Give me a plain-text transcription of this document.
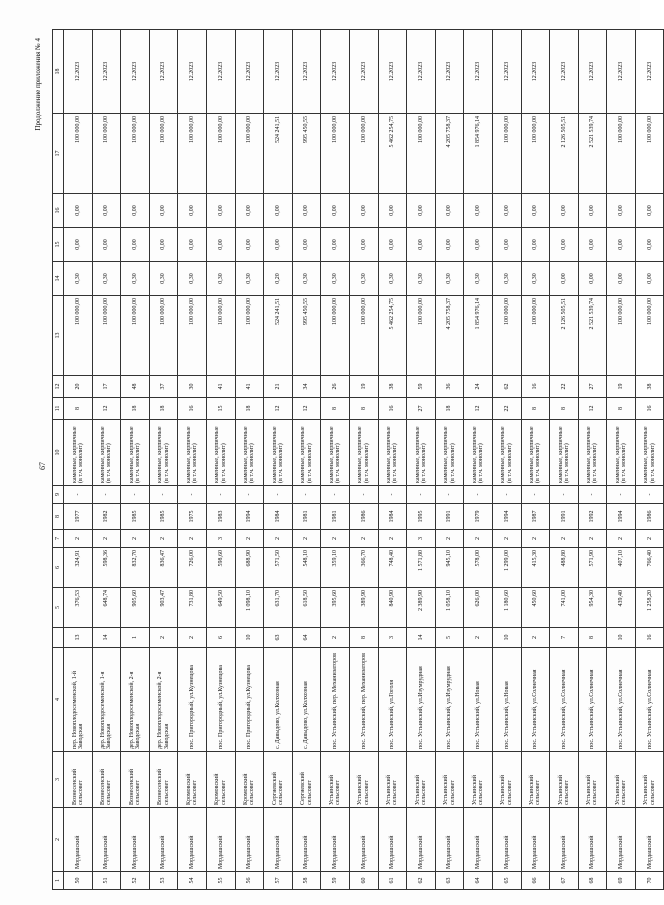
67
Продолжение приложения № 4
1	2	3	4		5	6	7	8	9	10	11	12	13	14	15	16	17	18
50	Мордашский	Вознесенский сельсовет	пер. Новоплодосеменской, 1-й Заводская	13	376,53	324,91	2	1977	-	каменные, кирпичные (в т.ч. монолит)	8	20	100 000,00	0,30	0,00	0,00	100 000,00	12.2023
51	Мордашский	Вознесенский сельсовет	дер. Новоплодосеменской, 1-я Заводская	14	648,74	598,36	2	1982	-	каменные, кирпичные (в т.ч. монолит)	12	17	100 000,00	0,30	0,00	0,00	100 000,00	12.2023
52	Мордашский	Вознесенский сельсовет	дер. Новоплодосеменской, 2-я Заводская	1	905,60	832,70	2	1985	-	каменные, кирпичные (в т.ч. монолит)	18	48	100 000,00	0,30	0,00	0,00	100 000,00	12.2023
53	Мордашский	Вознесенский сельсовет	дер. Новоплодосеменской, 2-я Заводская	2	903,47	836,47	2	1985	-	каменные, кирпичные (в т.ч. монолит)	18	37	100 000,00	0,30	0,00	0,00	100 000,00	12.2023
54	Мордашский	Кромовский сельсовет	пос. Пригородный, ул.Кузнецова	2	731,80	726,00	2	1975	-	каменные, кирпичные (в т.ч. монолит)	16	30	100 000,00	0,30	0,00	0,00	100 000,00	12.2023
55	Мордашский	Кромовский сельсовет	пос. Пригородный, ул.Кузнецова	6	649,50	598,60	3	1983	-	каменные, кирпичные (в т.ч. монолит)	15	41	100 000,00	0,30	0,00	0,00	100 000,00	12.2023
56	Мордашский	Кромовский сельсовет	пос. Пригородный, ул.Кузнецова	10	1 098,10	688,90	2	1994	-	каменные, кирпичные (в т.ч. монолит)	18	41	100 000,00	0,30	0,00	0,00	100 000,00	12.2023
57	Мордашский	Сергиевский сельсовет	с. Давыдово, ул.Колхозная	63	631,70	571,50	2	1984	-	каменные, кирпичные (в т.ч. монолит)	12	21	524 241,51	0,20	0,00	0,00	524 241,51	12.2023
58	Мордашский	Сергиевский сельсовет	с. Давыдово, ул.Колхозная	64	618,50	548,10	2	1981	-	каменные, кирпичные (в т.ч. монолит)	12	34	995 450,55	0,30	0,00	0,00	995 450,55	12.2023
59	Мордашский	Устьинский сельсовет	пос. Устьинский, пер. Механизаторов	2	395,60	359,10	2	1981	-	каменные, кирпичные (в т.ч. монолит)	8	26	100 000,00	0,30	0,00	0,00	100 000,00	12.2023
60	Мордашский	Устьинский сельсовет	пос. Устьинский, пер. Механизаторов	8	389,90	366,70	2	1986	-	каменные, кирпичные (в т.ч. монолит)	8	19	100 000,00	0,30	0,00	0,00	100 000,00	12.2023
61	Мордашский	Устьинский сельсовет	пос. Устьинский, ул.Гоголя	3	840,90	748,40	2	1984	-	каменные, кирпичные (в т.ч. монолит)	16	38	5 462 254,75	0,30	0,00	0,00	5 462 254,75	12.2023
62	Мордашский	Устьинский сельсовет	пос. Устьинский, ул.Изумрудная	14	2 389,90	1 571,80	3	1995	-	каменные, кирпичные (в т.ч. монолит)	27	59	100 000,00	0,30	0,00	0,00	100 000,00	12.2023
63	Мордашский	Устьинский сельсовет	пос. Устьинский, ул.Изумрудная	5	1 058,10	945,10	2	1991	-	каменные, кирпичные (в т.ч. монолит)	18	36	4 205 758,37	0,30	0,00	0,00	4 205 758,37	12.2023
64	Мордашский	Устьинский сельсовет	пос. Устьинский, ул.Новая	2	626,00	578,00	2	1979	-	каменные, кирпичные (в т.ч. монолит)	12	24	1 854 976,14	0,30	0,00	0,00	1 854 976,14	12.2023
65	Мордашский	Устьинский сельсовет	пос. Устьинский, ул.Новая	10	1 180,60	1 299,00	2	1994	-	каменные, кирпичные (в т.ч. монолит)	22	62	100 000,00	0,30	0,00	0,00	100 000,00	12.2023
66	Мордашский	Устьинский сельсовет	пос. Устьинский, ул.Солнечная	2	450,60	415,30	2	1987	-	каменные, кирпичные (в т.ч. монолит)	8	16	100 000,00	0,30	0,00	0,00	100 000,00	12.2023
67	Мордашский	Устьинский сельсовет	пос. Устьинский, ул.Солнечная	7	741,00	488,80	2	1991	-	каменные, кирпичные (в т.ч. монолит)	8	22	2 126 505,51	0,00	0,00	0,00	2 126 505,51	12.2023
68	Мордашский	Устьинский сельсовет	пос. Устьинский, ул.Солнечная	8	954,30	571,90	2	1992	-	каменные, кирпичные (в т.ч. монолит)	12	27	2 521 539,74	0,00	0,00	0,00	2 521 539,74	12.2023
69	Мордашский	Устьинский сельсовет	пос. Устьинский, ул.Солнечная	10	439,40	407,10	2	1994	-	каменные, кирпичные (в т.ч. монолит)	8	19	100 000,00	0,00	0,00	0,00	100 000,00	12.2023
70	Мордашский	Устьинский сельсовет	пос. Устьинский, ул.Солнечная	16	1 258,20	766,40	2	1986	-	каменные, кирпичные (в т.ч. монолит)	16	38	100 000,00	0,00	0,00	0,00	100 000,00	12.2023
